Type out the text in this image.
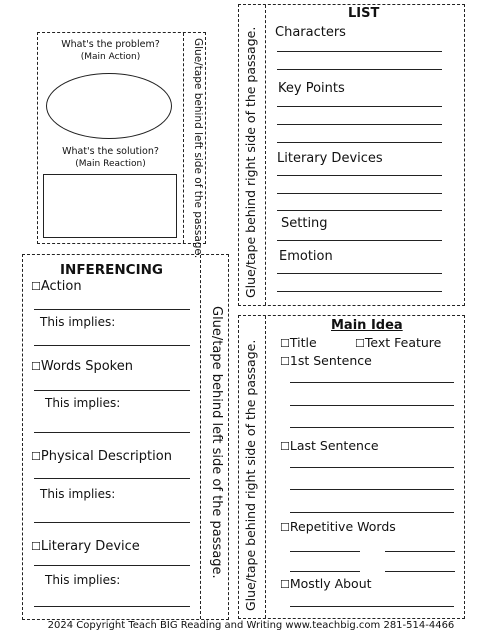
What's the problem?
(Main Action)
What's the solution?
(Main Reaction)	Glue/tape behind left side of the passage.
INFERENCING
☐Action
This implies:
☐Words Spoken
This implies:
☐Physical Description
This implies:
☐Literary Device
This implies:
Glue/tape behind left side of the passage.
Glue/tape behind right side of the passage.
LIST
Characters
Key Points
Literary Devices
Setting
Emotion
Glue/tape behind right side of the passage.
Main Idea
☐Title	☐Text Feature
☐1st Sentence
☐Last Sentence
☐Repetitive Words
☐Mostly About
2024 Copyright Teach BIG Reading and Writing www.teachbig.com 281-514-4466
